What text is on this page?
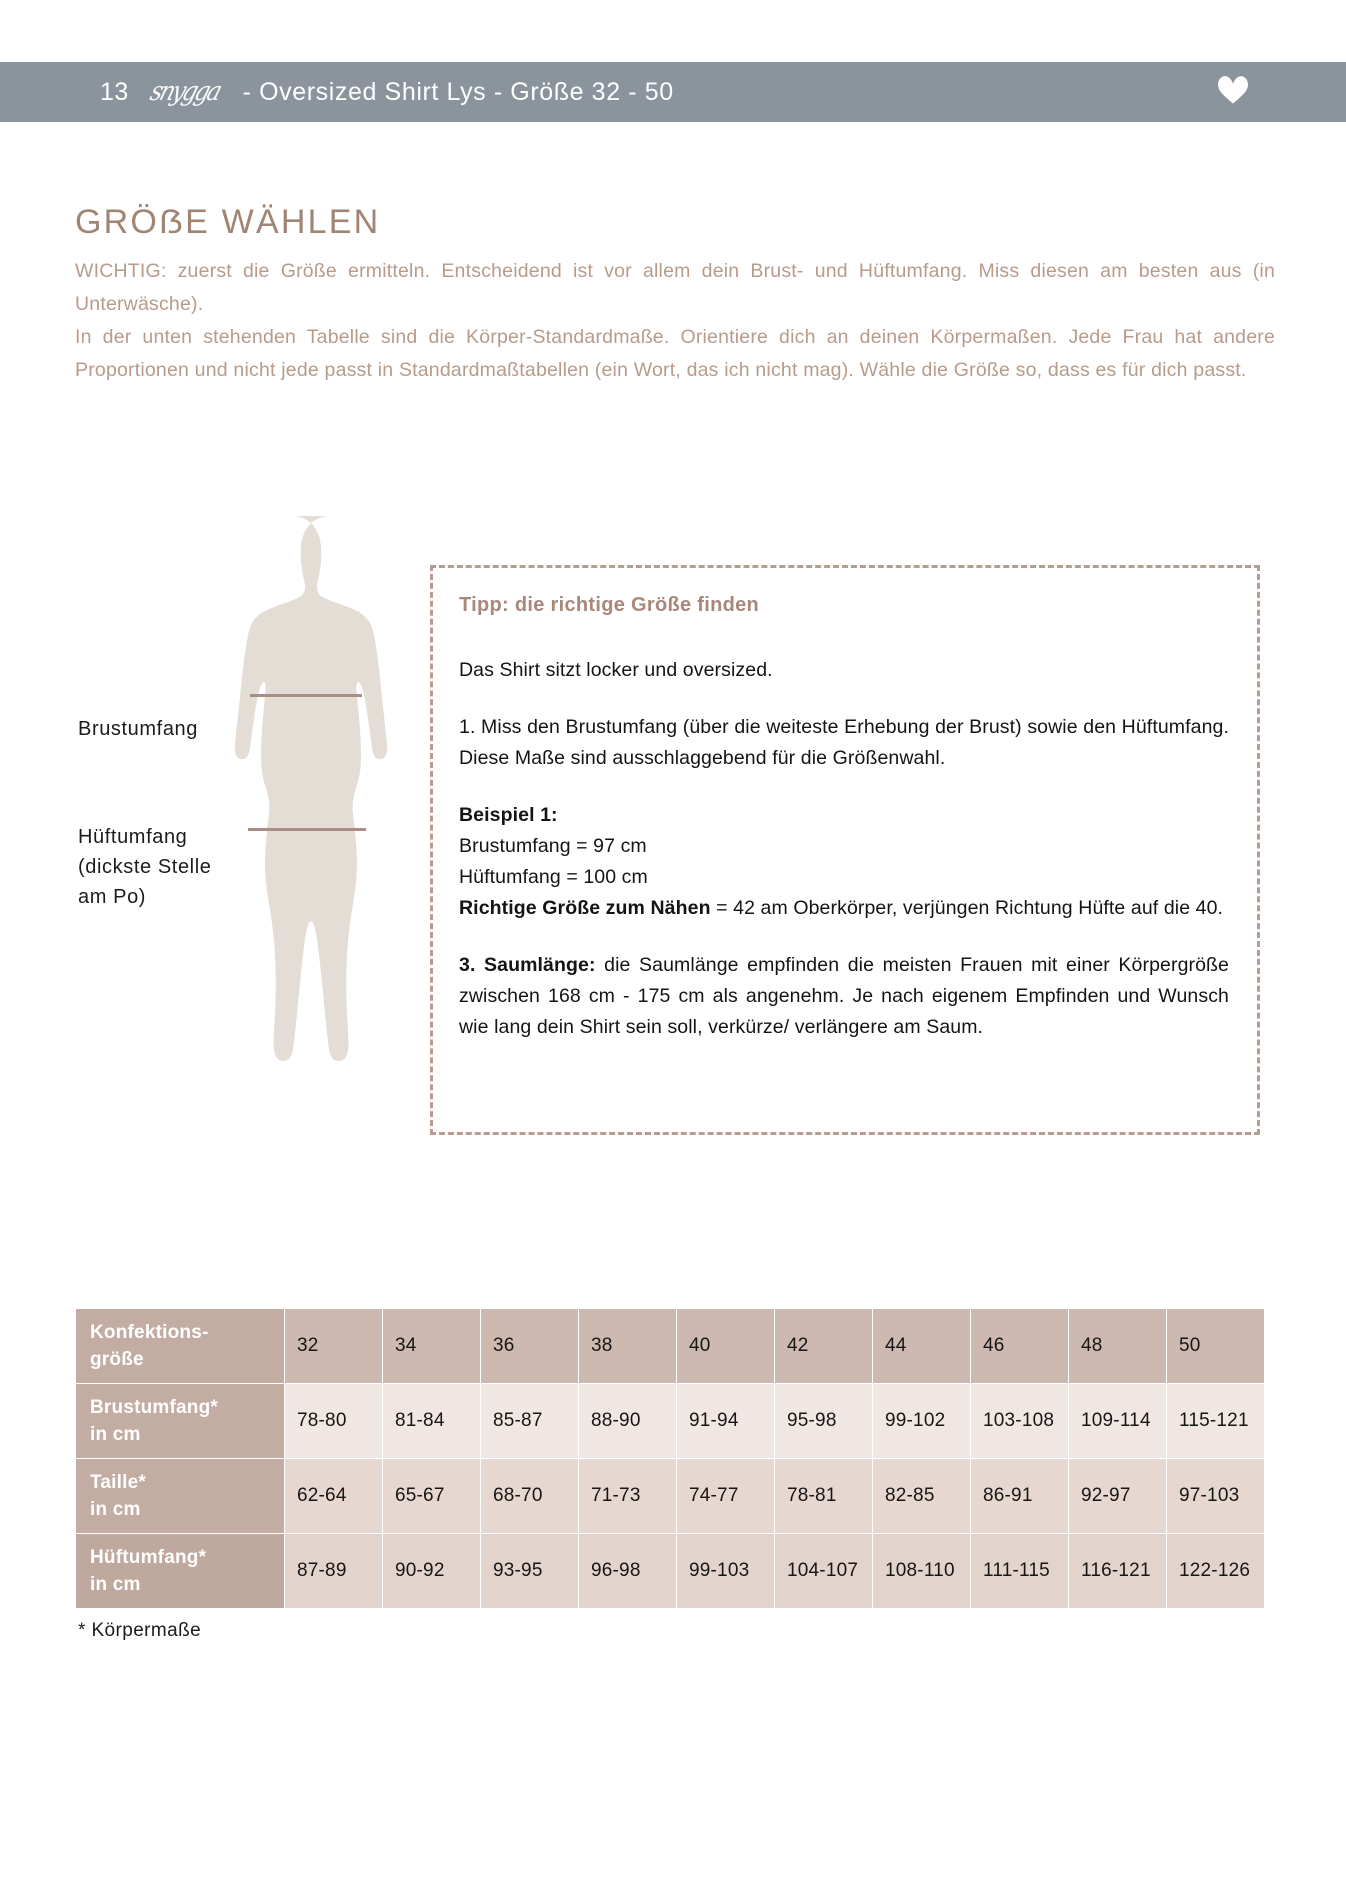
13 snygga - Oversized Shirt Lys - Größe 32 - 50
GRÖẞE WÄHLEN

WICHTIG: zuerst die Größe ermitteln. Entscheidend ist vor allem dein Brust- und Hüftumfang. Miss diesen am besten aus (in Unterwäsche).

In der unten stehenden Tabelle sind die Körper-Standardmaße. Orientiere dich an deinen Körpermaßen. Jede Frau hat andere Proportionen und nicht jede passt in Standardmaßtabellen (ein Wort, das ich nicht mag). Wähle die Größe so, dass es für dich passt.

Brustumfang
Hüftumfang
(dickste Stelle
am Po)
Tipp: die richtige Größe finden

Das Shirt sitzt locker und oversized.

1. Miss den Brustumfang (über die weiteste Erhebung der Brust) sowie den Hüftumfang. Diese Maße sind ausschlaggebend für die Größenwahl.

Beispiel 1:

Brustumfang = 97 cm

Hüftumfang = 100 cm

Richtige Größe zum Nähen = 42 am Oberkörper, verjüngen Richtung Hüfte auf die 40.

3. Saumlänge: die Saumlänge empfinden die meisten Frauen mit einer Körpergröße zwischen 168 cm - 175 cm als angenehm. Je nach eigenem Empfinden und Wunsch wie lang dein Shirt sein soll, verkürze/ verlängere am Saum.

Konfektions-
größe	32	34	36	38	40	42	44	46	48	50

Brustumfang*
in cm	78-80	81-84	85-87	88-90	91-94	95-98	99-102	103-108	109-114	115-121

Taille*
in cm	62-64	65-67	68-70	71-73	74-77	78-81	82-85	86-91	92-97	97-103

Hüftumfang*
in cm	87-89	90-92	93-95	96-98	99-103	104-107	108-110	111-115	116-121	122-126
* Körpermaße
